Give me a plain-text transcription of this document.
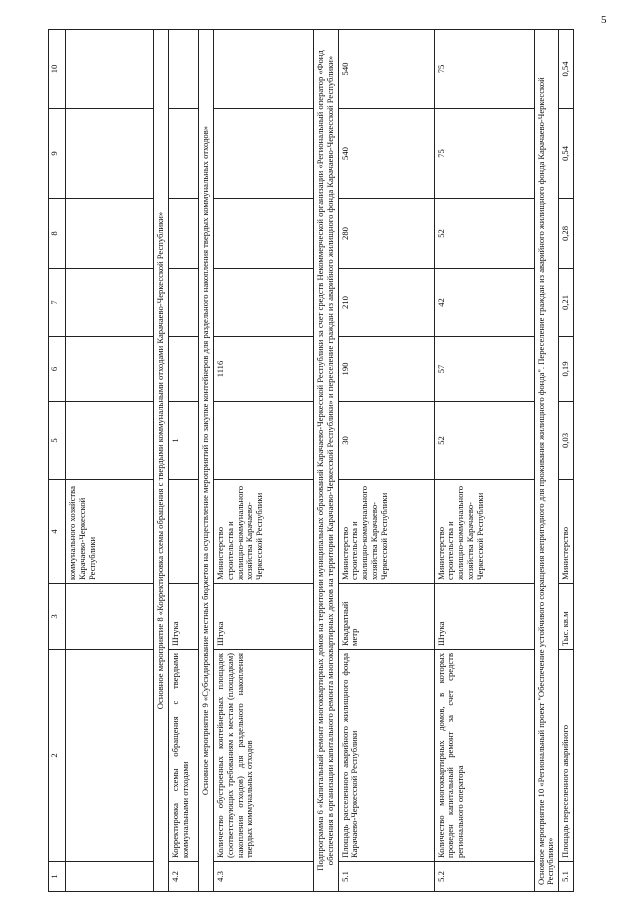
5
1	2	3	4	5	6	7	8	9	10
			коммунального хозяйства Карачаево-Черкесской Республики						
Основное мероприятие 8 «Корректировка схемы обращения с твердыми коммунальными отходами Карачаево-Черкесской Республики»									
4.2	Корректировка схемы обращения с твердыми коммунальными отходами	Штука		1					
Основное мероприятие 9 «Субсидирование местных бюджетов на осуществление мероприятий по закупке контейнеров для раздельного накопления твердых коммунальных отходов»									
4.3	Количество обустроенных контейнерных площадок (соответствующих требованиям к местам (площадкам) накопления отходов) для раздельного накопления твердых коммунальных отходов	Штука	Министерство строительства и жилищно-коммунального хозяйства Карачаево-Черкесской Республики		1116				
Подпрограмма 6 «Капитальный ремонт многоквартирных домов на территории муниципальных образований Карачаево-Черкесской Республики за счет средств Некоммерческой организации «Региональный оператор «Фонд обеспечения в организации капитального ремонта многоквартирных домов на территории Карачаево-Черкесской Республики» и переселение граждан из аварийного жилищного фонда Карачаево-Черкесской Республики»									
5.1	Площадь расселенного аварийного жилищного фонда Карачаево-Черкесской Республики	Квадратный метр	Министерство строительства и жилищно-коммунального хозяйства Карачаево-Черкесской Республики	30	190	210	280	540	540
5.2	Количество многоквартирных домов, в которых проведен капитальный ремонт за счет средств регионального оператора	Штука	Министерство строительства и жилищно-коммунального хозяйства Карачаево-Черкесской Республики	52	57	42	52	75	75
Основное мероприятие 10 «Региональный проект "Обеспечение устойчивого сокращения непригодного для проживания жилищного фонда". Переселение граждан из аварийного жилищного фонда Карачаево-Черкесской Республики»									
5.1	Площадь переселенного аварийного	Тыс. кв.м	Министерство	0,03	0,19	0,21	0,28	0,54	0,54
